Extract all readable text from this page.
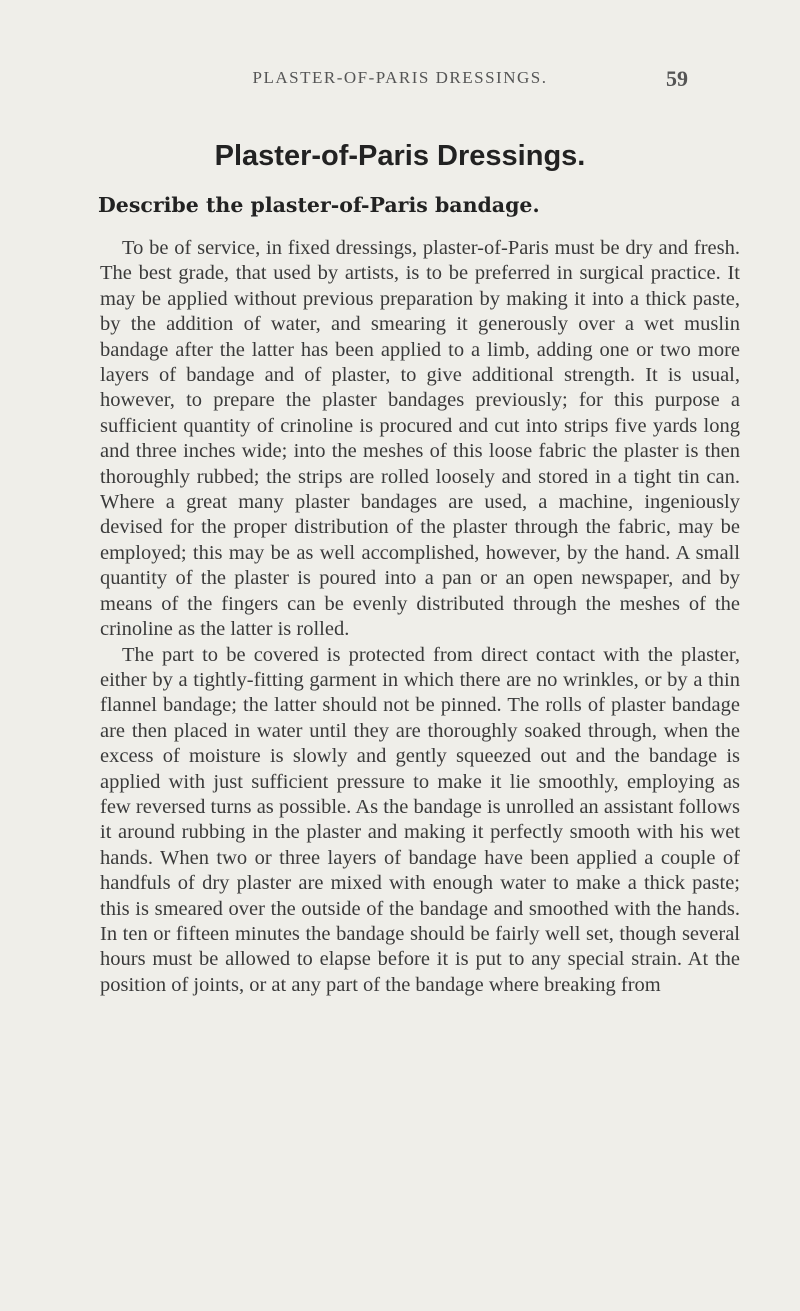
PLASTER-OF-PARIS DRESSINGS.	59
Plaster-of-Paris Dressings.
Describe the plaster-of-Paris bandage.

To be of service, in fixed dressings, plaster-of-Paris must be dry and fresh. The best grade, that used by artists, is to be preferred in surgical practice. It may be applied without previous preparation by making it into a thick paste, by the addition of water, and smearing it generously over a wet muslin bandage after the latter has been applied to a limb, adding one or two more layers of bandage and of plaster, to give additional strength. It is usual, however, to prepare the plaster bandages previously; for this purpose a sufficient quantity of crinoline is procured and cut into strips five yards long and three inches wide; into the meshes of this loose fabric the plaster is then thoroughly rubbed; the strips are rolled loosely and stored in a tight tin can. Where a great many plaster bandages are used, a machine, ingeniously devised for the proper distribution of the plaster through the fabric, may be employed; this may be as well accomplished, however, by the hand. A small quantity of the plaster is poured into a pan or an open newspaper, and by means of the fingers can be evenly distributed through the meshes of the crinoline as the latter is rolled.

The part to be covered is protected from direct contact with the plaster, either by a tightly-fitting garment in which there are no wrinkles, or by a thin flannel bandage; the latter should not be pinned. The rolls of plaster bandage are then placed in water until they are thoroughly soaked through, when the excess of moisture is slowly and gently squeezed out and the bandage is applied with just sufficient pressure to make it lie smoothly, employing as few reversed turns as possible. As the bandage is unrolled an assistant follows it around rubbing in the plaster and making it perfectly smooth with his wet hands. When two or three layers of bandage have been applied a couple of handfuls of dry plaster are mixed with enough water to make a thick paste; this is smeared over the outside of the bandage and smoothed with the hands. In ten or fifteen minutes the bandage should be fairly well set, though several hours must be allowed to elapse before it is put to any special strain. At the position of joints, or at any part of the bandage where breaking from
